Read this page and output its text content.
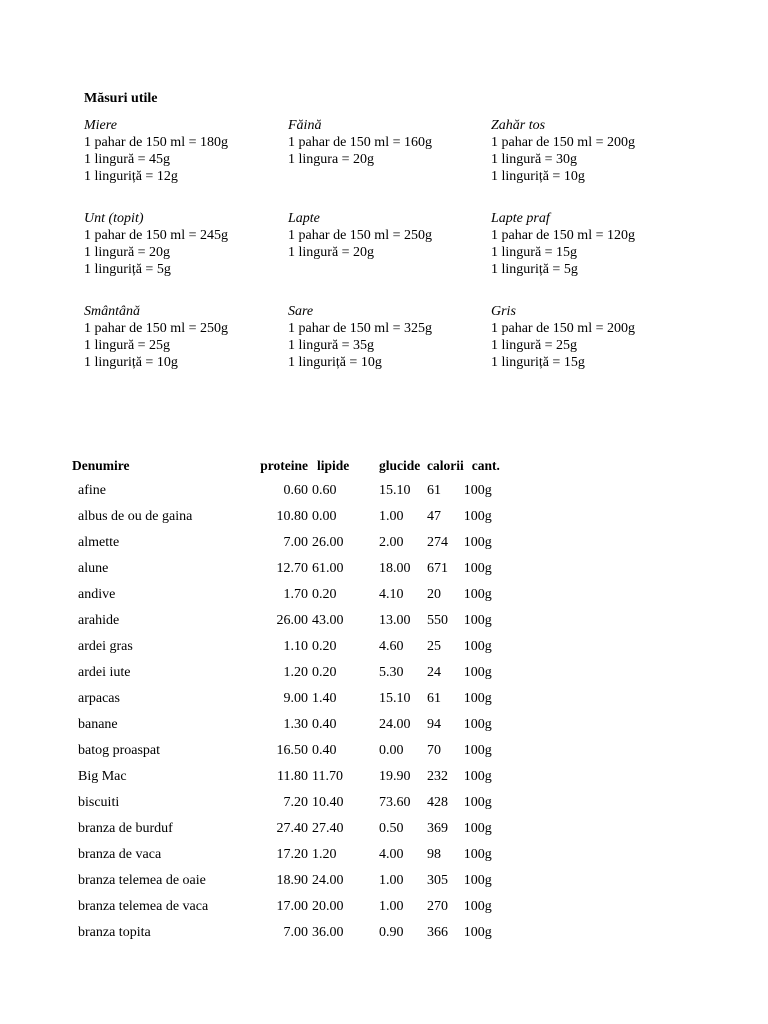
Măsuri utile
Miere
1 pahar de 150 ml = 180g
1 lingură = 45g
1 linguriță = 12g
Făină
1 pahar de 150 ml = 160g
1 lingura = 20g
Zahăr tos
1 pahar de 150 ml = 200g
1 lingură = 30g
1 linguriță = 10g
Unt (topit)
1 pahar de 150 ml = 245g
1 lingură = 20g
1 linguriță = 5g
Lapte
1 pahar de 150 ml = 250g
1 lingură = 20g
Lapte praf
1 pahar de 150 ml = 120g
1 lingură = 15g
1 linguriță = 5g
Smântână
1 pahar de 150 ml = 250g
1 lingură = 25g
1 linguriță = 10g
Sare
1 pahar de 150 ml = 325g
1 lingură = 35g
1 linguriță = 10g
Gris
1 pahar de 150 ml = 200g
1 lingură = 25g
1 linguriță = 15g
Denumire	proteine	lipide	glucide	calorii	cant.
afine	0.60	0.60	15.10	61	100g
albus de ou de gaina	10.80	0.00	1.00	47	100g
almette	7.00	26.00	2.00	274	100g
alune	12.70	61.00	18.00	671	100g
andive	1.70	0.20	4.10	20	100g
arahide	26.00	43.00	13.00	550	100g
ardei gras	1.10	0.20	4.60	25	100g
ardei iute	1.20	0.20	5.30	24	100g
arpacas	9.00	1.40	15.10	61	100g
banane	1.30	0.40	24.00	94	100g
batog proaspat	16.50	0.40	0.00	70	100g
Big Mac	11.80	11.70	19.90	232	100g
biscuiti	7.20	10.40	73.60	428	100g
branza de burduf	27.40	27.40	0.50	369	100g
branza de vaca	17.20	1.20	4.00	98	100g
branza telemea de oaie	18.90	24.00	1.00	305	100g
branza telemea de vaca	17.00	20.00	1.00	270	100g
branza topita	7.00	36.00	0.90	366	100g
